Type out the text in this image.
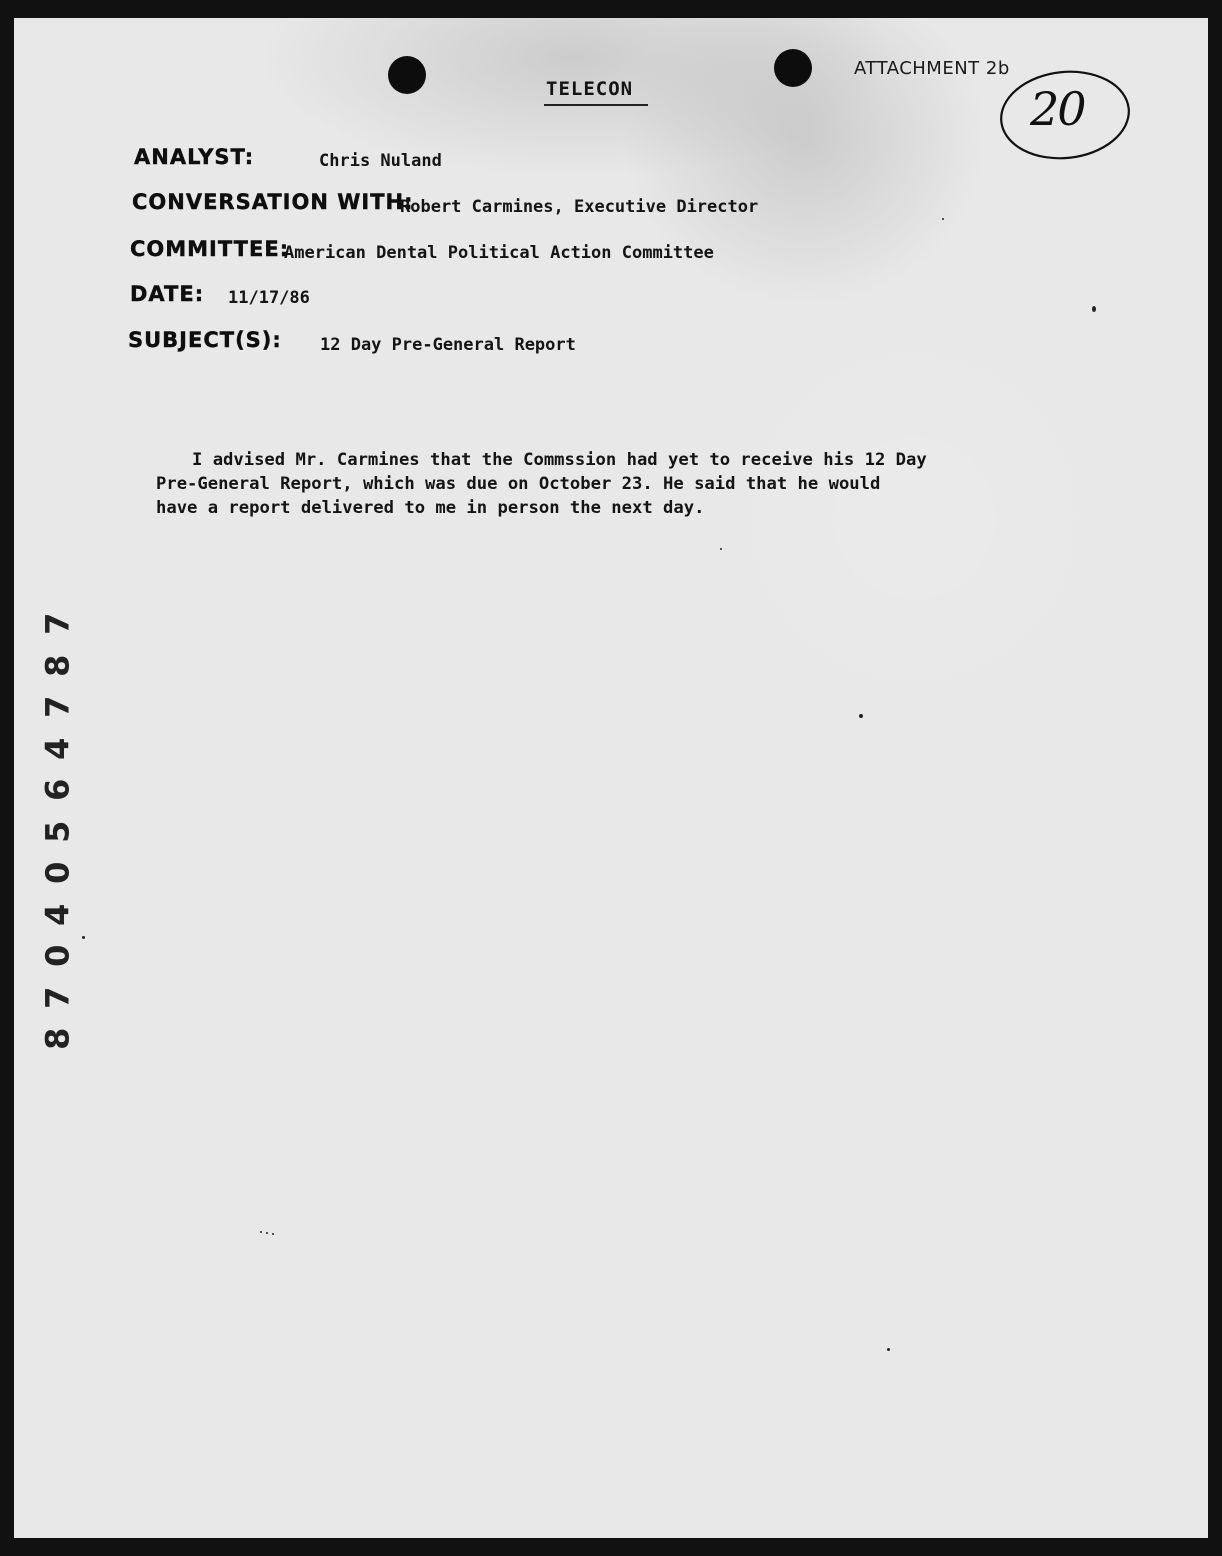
TELECON
ATTACHMENT 2b
20
ANALYST:	Chris Nuland
CONVERSATION WITH:
Robert Carmines, Executive Director
COMMITTEE:
American Dental Political Action Committee
DATE: 11/17/86
SUBJECT(S): 12 Day Pre-General Report
I advised Mr. Carmines that the Commssion had yet to receive his 12 Day
Pre-General Report, which was due on October 23. He said that he would
have a report delivered to me in person the next day.
7
8
7
4
6
5
0
4
0
7
8
